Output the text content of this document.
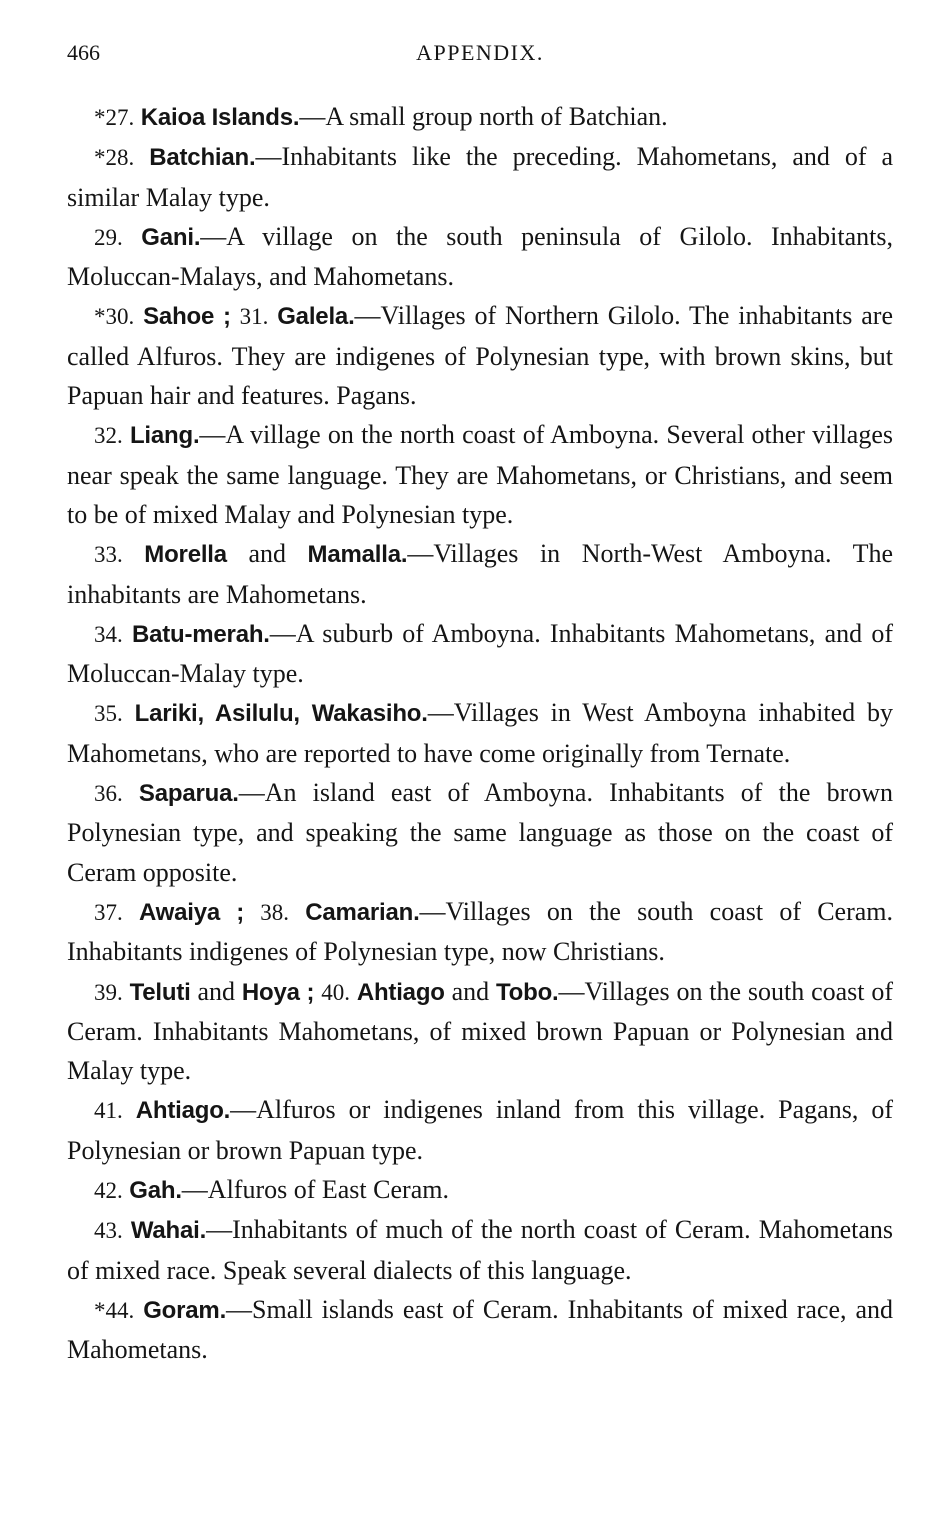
466	APPENDIX.

*27. Kaioa Islands.—A small group north of Batchian.

*28. Batchian.—Inhabitants like the preceding. Mahometans, and of a similar Malay type.

29. Gani.—A village on the south peninsula of Gilolo. Inhabitants, Moluccan-Malays, and Mahometans.

*30. Sahoe ; 31. Galela.—Villages of Northern Gilolo. The inhabitants are called Alfuros. They are indigenes of Polynesian type, with brown skins, but Papuan hair and features. Pagans.

32. Liang.—A village on the north coast of Amboyna. Several other villages near speak the same language. They are Mahometans, or Christians, and seem to be of mixed Malay and Polynesian type.

33. Morella and Mamalla.—Villages in North-West Amboyna. The inhabitants are Mahometans.

34. Batu-merah.—A suburb of Amboyna. Inhabitants Mahometans, and of Moluccan-Malay type.

35. Lariki, Asilulu, Wakasiho.—Villages in West Amboyna inhabited by Mahometans, who are reported to have come originally from Ternate.

36. Saparua.—An island east of Amboyna. Inhabitants of the brown Polynesian type, and speaking the same language as those on the coast of Ceram opposite.

37. Awaiya ; 38. Camarian.—Villages on the south coast of Ceram. Inhabitants indigenes of Polynesian type, now Christians.

39. Teluti and Hoya ; 40. Ahtiago and Tobo.—Villages on the south coast of Ceram. Inhabitants Mahometans, of mixed brown Papuan or Polynesian and Malay type.

41. Ahtiago.—Alfuros or indigenes inland from this village. Pagans, of Polynesian or brown Papuan type.

42. Gah.—Alfuros of East Ceram.

43. Wahai.—Inhabitants of much of the north coast of Ceram. Mahometans of mixed race. Speak several dialects of this language.

*44. Goram.—Small islands east of Ceram. Inhabitants of mixed race, and Mahometans.
